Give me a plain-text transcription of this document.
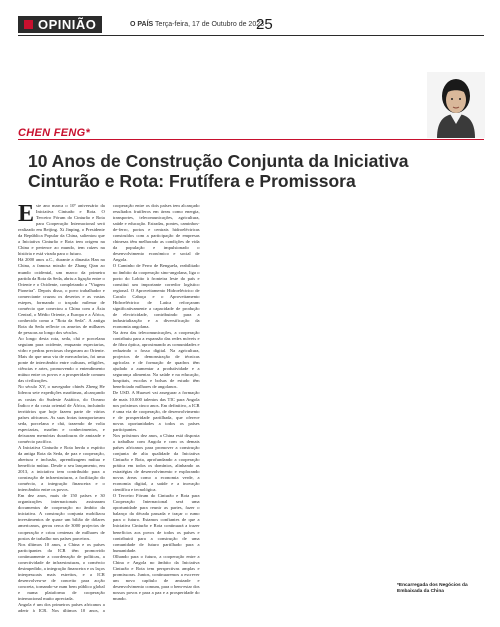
OPINIÃO	O PAÍS Terça-feira, 17 de Outubro de 2023
25
CHEN FENG*
10 Anos de Construção Conjunta da Iniciativa Cinturão e Rota: Frutífera e Promissora
E ste ano marca o 10º aniversário da Iniciativa Cinturão e Rota. O Terceiro Fórum do Cinturão e Rota para Cooperação Internacional será realizado em Beijing. Xi Jinping, o Presidente da República Popular da China, salientou que a Iniciativa Cinturão e Rota tem origem na China e pertence ao mundo, tem raízes na história e está virada para o futuro.

Há 2000 anos a.C., durante a dinastia Han na China, a famosa missão de Zhang Qian ao mundo ocidental, um marco da primeira partida da Rota da Seda, abriu a ligação entre o Oriente e o Ocidente, completando a "Viagem Pioneira". Depois disso, o povo trabalhador e comerciante cruzou os desertos e as vastas estepes, formando o traçado milenar de comércio que conectou a China com a Ásia Central, o Médio Oriente, a Europa e a África, conhecido como a "Rota da Seda". A antiga Rota da Seda reflecte os anseios de milhares de pessoas ao longo dos séculos.

Ao longo desta rota, seda, chá e porcelana seguiam para ocidente, enquanto especiarias, vidro e pedras preciosas chegavam ao Oriente. Mais do que uma via de mercadorias, foi uma ponte de intercâmbio entre culturas, religiões, ciências e artes, promovendo o entendimento mútuo entre os povos e a prosperidade comum das civilizações.

No século XV, o navegador chinês Zheng He liderou sete expedições marítimas, alcançando as costas do Sudeste Asiático, do Oceano Índico e da costa oriental de África, incluindo territórios que hoje fazem parte de vários países africanos. As suas frotas transportavam seda, porcelana e chá, trazendo de volta especiarias, marfim e conhecimentos, e deixaram memórias duradouras de amizade e comércio pacífico.

A Iniciativa Cinturão e Rota herda o espírito da antiga Rota da Seda, de paz e cooperação, abertura e inclusão, aprendizagem mútua e benefício mútuo. Desde o seu lançamento, em 2013, a iniciativa tem contribuído para a construção de infraestruturas, a facilitação do comércio, a integração financeira e o intercâmbio entre os povos.

Em dez anos, mais de 150 países e 30 organizações internacionais assinaram documentos de cooperação no âmbito da iniciativa. A construção conjunta mobilizou investimentos de quase um bilião de dólares americanos, gerou cerca de 3000 projectos de cooperação e criou centenas de milhares de postos de trabalho nos países parceiros.

Nos últimos 10 anos, a China e os países participantes da ICR têm promovido continuamente a coordenação de políticas, a conectividade de infraestruturas, o comércio desimpedido, a integração financeira e os laços interpessoais mais estreitos, e a ICR desenvolveu-se de conceito para acção concreta, tornando-se num bem público global e numa plataforma de cooperação internacional muito apreciada.

Angola é um dos primeiros países africanos a aderir à ICR. Nos últimos 10 anos, a cooperação entre os dois países tem alcançado resultados frutíferos em áreas como energia, transportes, telecomunicações, agricultura, saúde e educação. Estradas, pontes, caminhos-de-ferro, portos e centrais hidroeléctricas construídos com a participação de empresas chinesas têm melhorado as condições de vida da população e impulsionado o desenvolvimento económico e social de Angola.

O Caminho de Ferro de Benguela, reabilitado no âmbito da cooperação sino-angolana, liga o porto do Lobito à fronteira leste do país e constitui um importante corredor logístico regional. O Aproveitamento Hidroeléctrico de Caculo Cabaça e o Aproveitamento Hidroeléctrico de Laúca reforçaram significativamente a capacidade de produção de electricidade, contribuindo para a industrialização e a diversificação da economia angolana.

Na área das telecomunicações, a cooperação contribuiu para a expansão das redes móveis e de fibra óptica, aproximando as comunidades e reduzindo o fosso digital. Na agricultura, projectos de demonstração de técnicas agrícolas e de formação de quadros têm ajudado a aumentar a produtividade e a segurança alimentar. Na saúde e na educação, hospitais, escolas e bolsas de estudo têm beneficiado milhares de angolanos.

De USD. A Huawei vai assegurar a formação de mais 10.000 talentos das TIC para Angola nos próximos cinco anos. Em definitivo, a ICR é uma via de cooperação, de desenvolvimento e de prosperidade partilhada, que oferece novas oportunidades a todos os países participantes.

Nos próximos dez anos, a China está disposta a trabalhar com Angola e com os demais países africanos para promover a construção conjunta de alta qualidade da Iniciativa Cinturão e Rota, aprofundando a cooperação prática em todos os domínios, alinhando as estratégias de desenvolvimento e explorando novas áreas como a economia verde, a economia digital, a saúde e a inovação científica e tecnológica.

O Terceiro Fórum do Cinturão e Rota para Cooperação Internacional será uma oportunidade para reunir as partes, fazer o balanço da década passada e traçar o rumo para o futuro. Estamos confiantes de que a Iniciativa Cinturão e Rota continuará a trazer benefícios aos povos de todos os países e contribuirá para a construção de uma comunidade de futuro partilhado para a humanidade.

Olhando para o futuro, a cooperação entre a China e Angola no âmbito da Iniciativa Cinturão e Rota tem perspectivas amplas e promissoras. Juntos, continuaremos a escrever um novo capítulo de amizade e desenvolvimento comum, para o bem-estar dos nossos povos e para a paz e a prosperidade do mundo.

*Encarregada dos Negócios da Embaixada da China
